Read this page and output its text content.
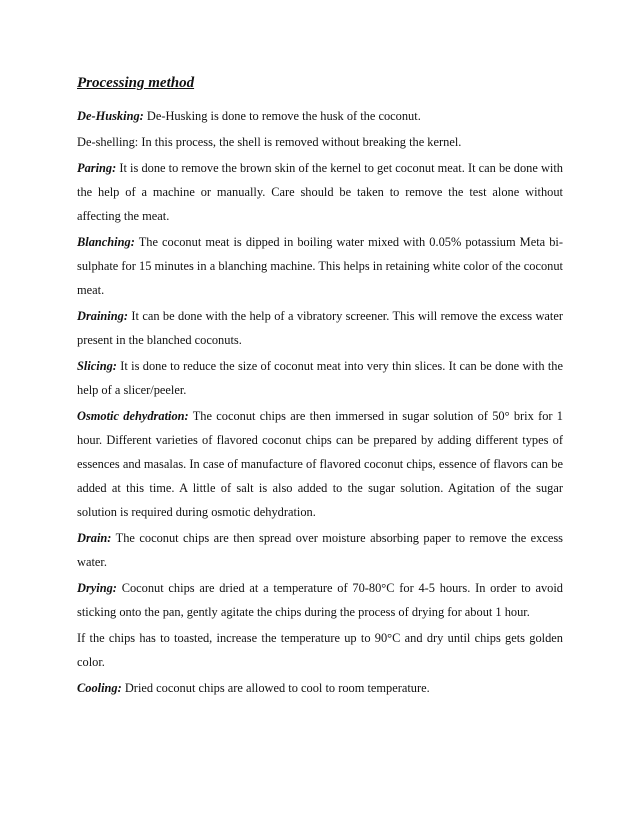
Processing method

De-Husking: De-Husking is done to remove the husk of the coconut.

De-shelling: In this process, the shell is removed without breaking the kernel.

Paring: It is done to remove the brown skin of the kernel to get coconut meat. It can be done with the help of a machine or manually. Care should be taken to remove the test alone without affecting the meat.

Blanching: The coconut meat is dipped in boiling water mixed with 0.05% potassium Meta bi-sulphate for 15 minutes in a blanching machine. This helps in retaining white color of the coconut meat.

Draining: It can be done with the help of a vibratory screener. This will remove the excess water present in the blanched coconuts.

Slicing: It is done to reduce the size of coconut meat into very thin slices. It can be done with the help of a slicer/peeler.

Osmotic dehydration: The coconut chips are then immersed in sugar solution of 50° brix for 1 hour. Different varieties of flavored coconut chips can be prepared by adding different types of essences and masalas. In case of manufacture of flavored coconut chips, essence of flavors can be added at this time. A little of salt is also added to the sugar solution. Agitation of the sugar solution is required during osmotic dehydration.

Drain: The coconut chips are then spread over moisture absorbing paper to remove the excess water.

Drying: Coconut chips are dried at a temperature of 70-80°C for 4-5 hours. In order to avoid sticking onto the pan, gently agitate the chips during the process of drying for about 1 hour.

If the chips has to toasted, increase the temperature up to 90°C and dry until chips gets golden color.

Cooling: Dried coconut chips are allowed to cool to room temperature.
